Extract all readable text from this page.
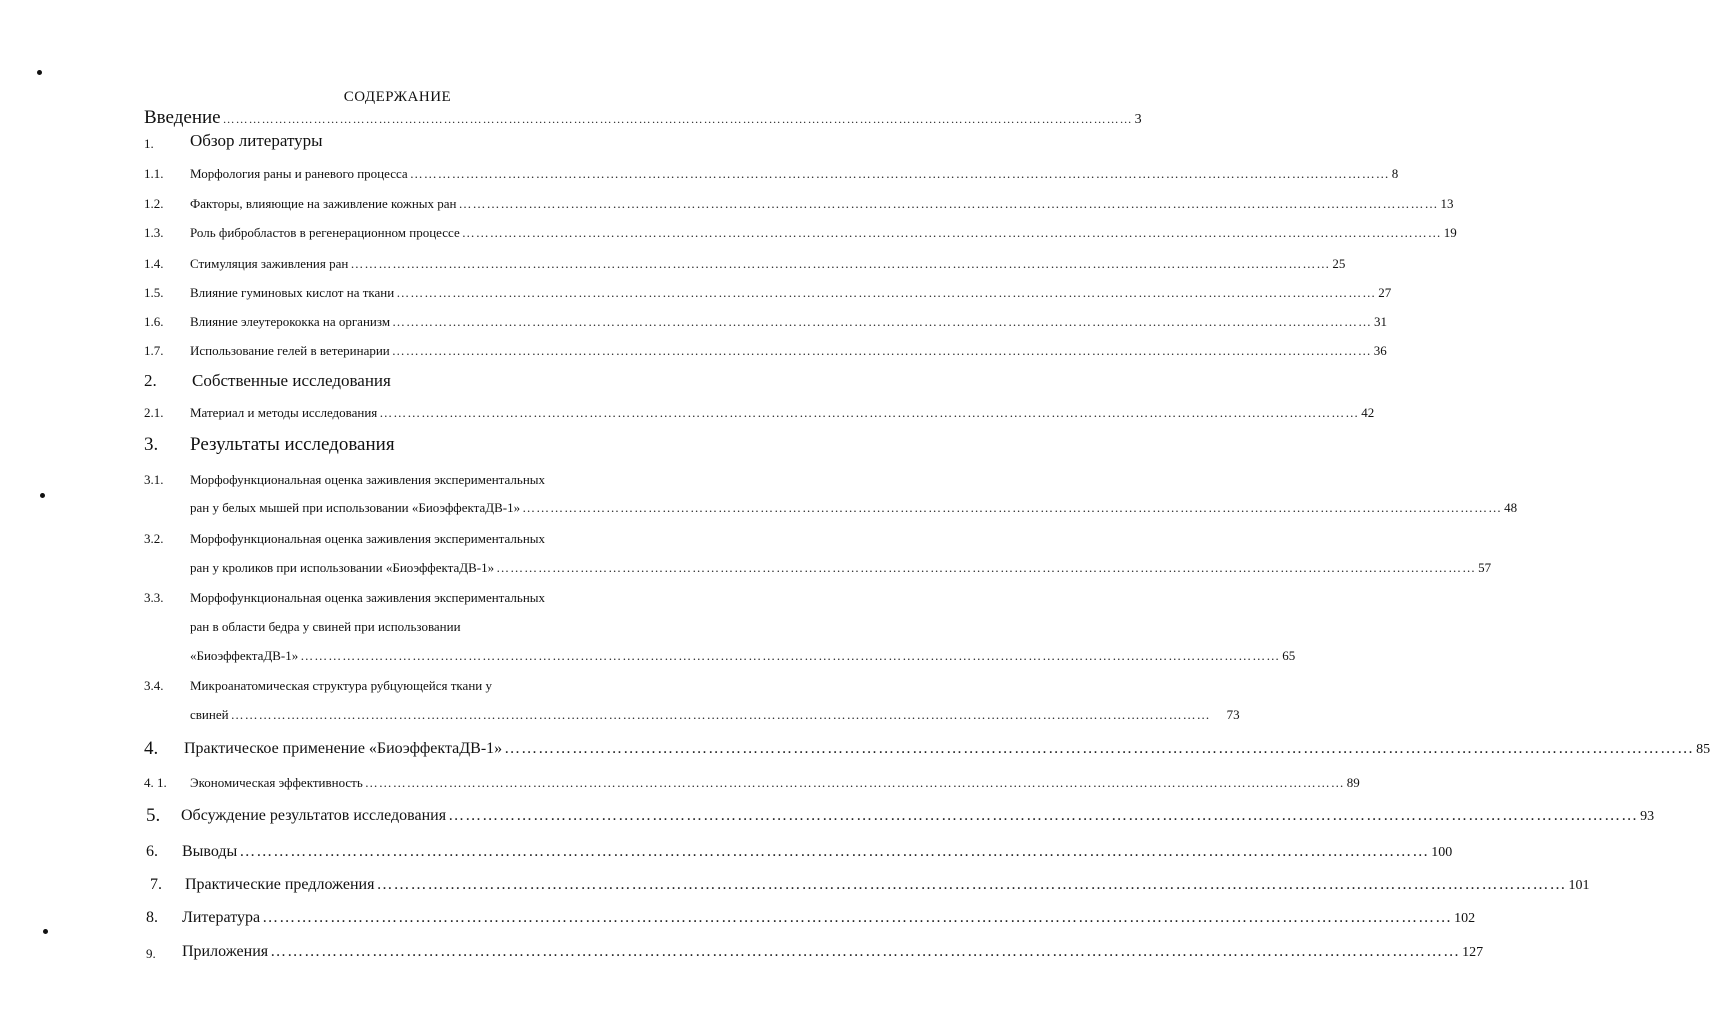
СОДЕРЖАНИЕ
Введение ………………………………………………………………………………………………………………………………………………………………………………………… 3
1. Обзор литературы
1.1. Морфология раны и раневого процесса ………………………………………………………………………………………………………………………………………………………………………………………… 8
1.2. Факторы, влияющие на заживление кожных ран ………………………………………………………………………………………………………………………………………………………………………………………… 13
1.3. Роль фибробластов в регенерационном процессе ………………………………………………………………………………………………………………………………………………………………………………………… 19
1.4. Стимуляция заживления ран ………………………………………………………………………………………………………………………………………………………………………………………… 25
1.5. Влияние гуминовых кислот на ткани ………………………………………………………………………………………………………………………………………………………………………………………… 27
1.6. Влияние элеутерококка на организм ………………………………………………………………………………………………………………………………………………………………………………………… 31
1.7. Использование гелей в ветеринарии ………………………………………………………………………………………………………………………………………………………………………………………… 36
2. Собственные исследования
2.1. Материал и методы исследования ………………………………………………………………………………………………………………………………………………………………………………………… 42
3. Результаты исследования
3.1. Морфофункциональная оценка заживления экспериментальных
ран у белых мышей при использовании «БиоэффектаДВ-1» ………………………………………………………………………………………………………………………………………………………………………………………… 48
3.2. Морфофункциональная оценка заживления экспериментальных
ран у кроликов при использовании «БиоэффектаДВ-1» ………………………………………………………………………………………………………………………………………………………………………………………… 57
3.3. Морфофункциональная оценка заживления экспериментальных
ран в области бедра у свиней при использовании
«БиоэффектаДВ-1» ………………………………………………………………………………………………………………………………………………………………………………………… 65
3.4. Микроанатомическая структура рубцующейся ткани у
свиней ………………………………………………………………………………………………………………………………………………………………………………………… 73
4. Практическое применение «БиоэффектаДВ-1» ………………………………………………………………………………………………………………………………………………………………………………………… 85
4. 1. Экономическая эффективность ………………………………………………………………………………………………………………………………………………………………………………………… 89
5. Обсуждение результатов исследования ………………………………………………………………………………………………………………………………………………………………………………………… 93
6. Выводы ………………………………………………………………………………………………………………………………………………………………………………………… 100
7. Практические предложения ………………………………………………………………………………………………………………………………………………………………………………………… 101
8. Литература ………………………………………………………………………………………………………………………………………………………………………………………… 102
9. Приложения ………………………………………………………………………………………………………………………………………………………………………………………… 127
